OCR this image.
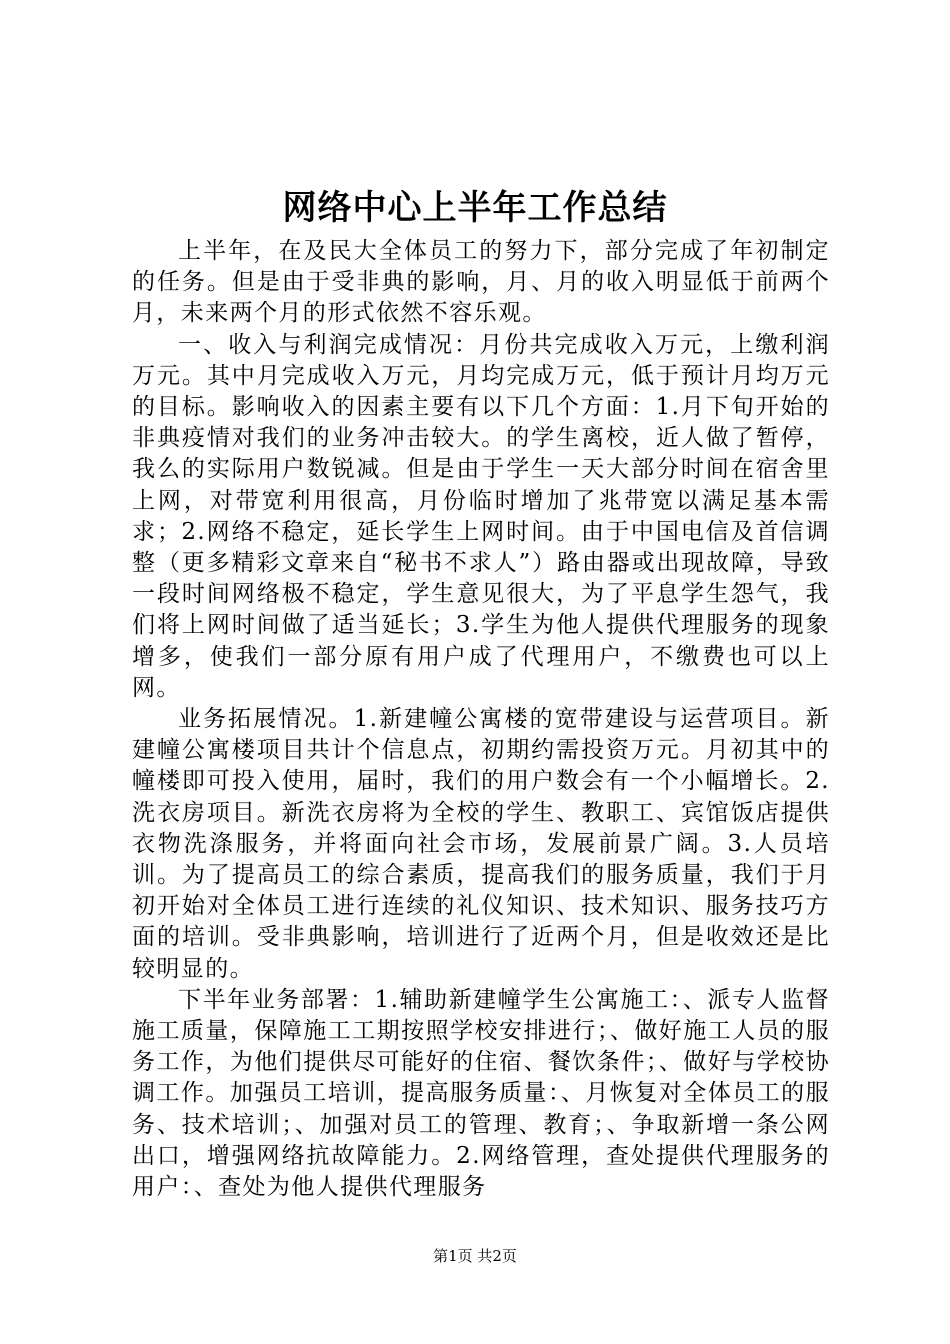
网络中心上半年工作总结

上半年，在及民大全体员工的努力下，部分完成了年初制定的任务。但是由于受非典的影响，月、月的收入明显低于前两个月，未来两个月的形式依然不容乐观。

一、收入与利润完成情况：月份共完成收入万元，上缴利润万元。其中月完成收入万元，月均完成万元，低于预计月均万元的目标。影响收入的因素主要有以下几个方面：1.月下旬开始的非典疫情对我们的业务冲击较大。的学生离校，近人做了暂停，我么的实际用户数锐减。但是由于学生一天大部分时间在宿舍里上网，对带宽利用很高，月份临时增加了兆带宽以满足基本需求；2.网络不稳定，延长学生上网时间。由于中国电信及首信调整（更多精彩文章来自“秘书不求人”）路由器或出现故障，导致一段时间网络极不稳定，学生意见很大，为了平息学生怨气，我们将上网时间做了适当延长；3.学生为他人提供代理服务的现象增多，使我们一部分原有用户成了代理用户，不缴费也可以上网。

业务拓展情况。1.新建幢公寓楼的宽带建设与运营项目。新建幢公寓楼项目共计个信息点，初期约需投资万元。月初其中的幢楼即可投入使用，届时，我们的用户数会有一个小幅增长。2.洗衣房项目。新洗衣房将为全校的学生、教职工、宾馆饭店提供衣物洗涤服务，并将面向社会市场，发展前景广阔。3.人员培训。为了提高员工的综合素质，提高我们的服务质量，我们于月初开始对全体员工进行连续的礼仪知识、技术知识、服务技巧方面的培训。受非典影响，培训进行了近两个月，但是收效还是比较明显的。

下半年业务部署：1.辅助新建幢学生公寓施工：、派专人监督施工质量，保障施工工期按照学校安排进行；、做好施工人员的服务工作，为他们提供尽可能好的住宿、餐饮条件；、做好与学校协调工作。加强员工培训，提高服务质量：、月恢复对全体员工的服务、技术培训；、加强对员工的管理、教育；、争取新增一条公网出口，增强网络抗故障能力。2.网络管理，查处提供代理服务的用户：、查处为他人提供代理服务

第1页 共2页
